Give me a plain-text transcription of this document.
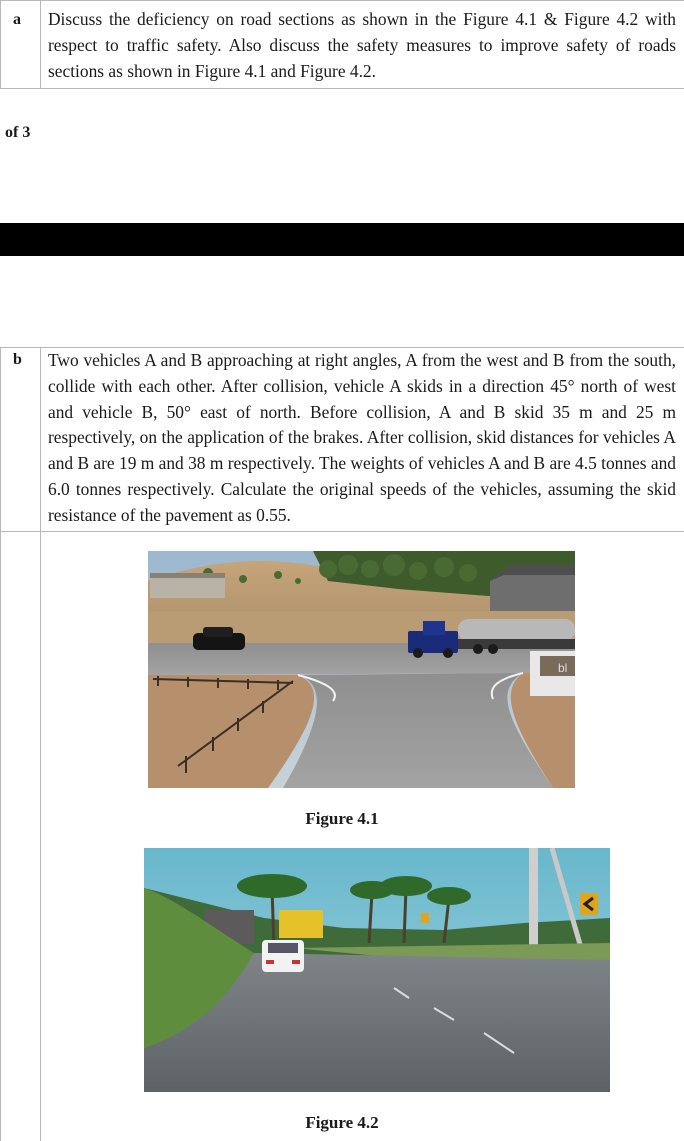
a Discuss the deficiency on road sections as shown in the Figure 4.1 & Figure 4.2 with respect to traffic safety. Also discuss the safety measures to improve safety of roads sections as shown in Figure 4.1 and Figure 4.2.

of 3
b Two vehicles A and B approaching at right angles, A from the west and B from the south, collide with each other. After collision, vehicle A skids in a direction 45° north of west and vehicle B, 50° east of north. Before collision, A and B skid 35 m and 25 m respectively, on the application of the brakes. After collision, skid distances for vehicles A and B are 19 m and 38 m respectively. The weights of vehicles A and B are 4.5 tonnes and 6.0 tonnes respectively. Calculate the original speeds of the vehicles, assuming the skid resistance of the pavement as 0.55.

bl
Figure 4.1
Figure 4.2
